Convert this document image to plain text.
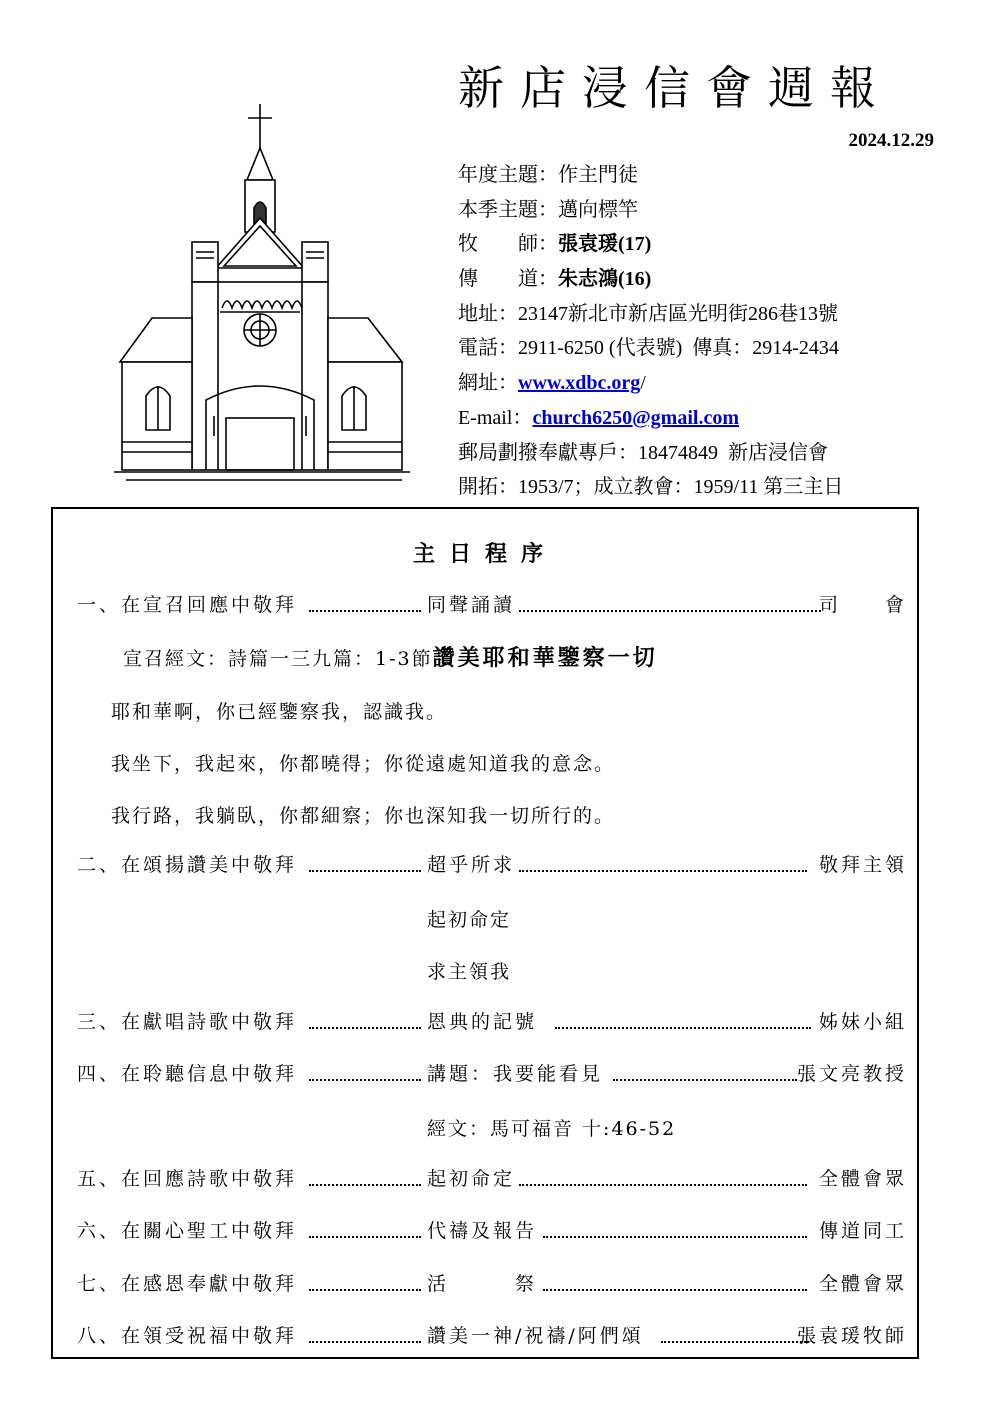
新店浸信會週報
2024.12.29
年度主題：作主門徒
本季主題：邁向標竿
牧　　師：張袁瑗(17)
傳　　道：朱志鴻(16)
地址：23147新北市新店區光明街286巷13號
電話：2911-6250 (代表號) 傳真：2914-2434
網址：www.xdbc.org/
E-mail：church6250@gmail.com
郵局劃撥奉獻專戶：18474849 新店浸信會
開拓：1953/7；成立教會：1959/11 第三主日
主日程序
一、在宣召回應中敬拜	同聲誦讀	司　　會
宣召經文：詩篇一三九篇：1-3節讚美耶和華鑒察一切
耶和華啊，你已經鑒察我，認識我。
我坐下，我起來，你都曉得；你從遠處知道我的意念。
我行路，我躺臥，你都細察；你也深知我一切所行的。
二、在頌揚讚美中敬拜	超乎所求	敬拜主領
起初命定
求主領我
三、在獻唱詩歌中敬拜	恩典的記號	姊妹小組
四、在聆聽信息中敬拜	講題：我要能看見	張文亮教授
經文：馬可福音 十:46-52
五、在回應詩歌中敬拜	起初命定	全體會眾
六、在關心聖工中敬拜	代禱及報告	傳道同工
七、在感恩奉獻中敬拜	活　　　祭	全體會眾
八、在領受祝福中敬拜	讚美一神/祝禱/阿們頌	張袁瑗牧師
